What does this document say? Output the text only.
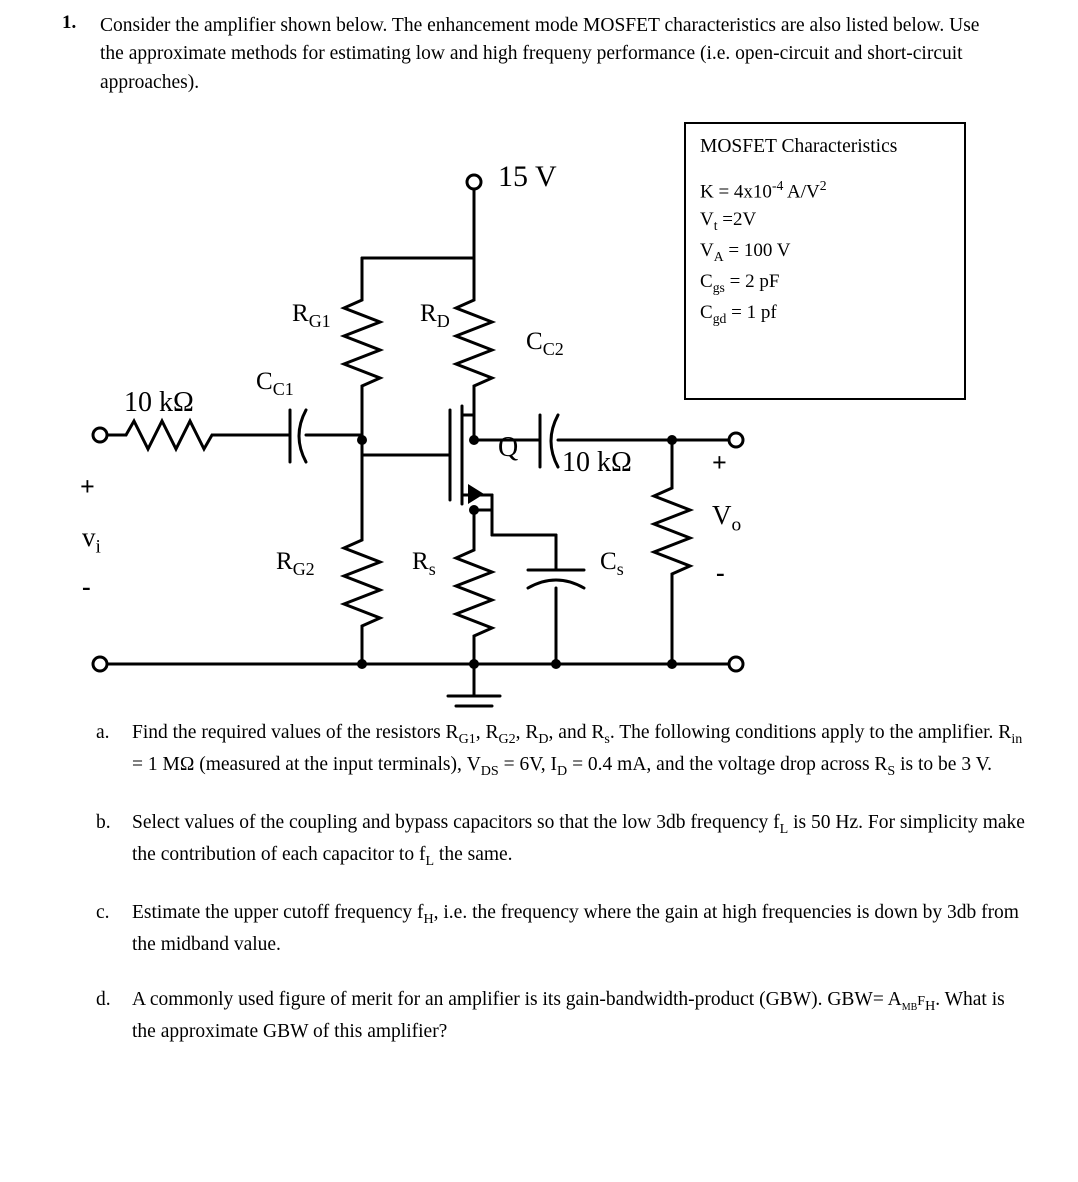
1. Consider the amplifier shown below. The enhancement mode MOSFET characteristics are also listed below. Use the approximate methods for estimating low and high frequeny performance (i.e. open-circuit and short-circuit approaches).
MOSFET Characteristics
$K = 4x10^{-4}$ $A/V^2$
$V_t =2V$
$V_A = 100$ V
$C_{gs} = 2$ pF
$C_{gd} = 1$ pf
15 V
$R_{G1}$	$R_D$
$C_{C2}$
$C_{C1}$
10 kΩ
Q 10 kΩ
$R_{G2}$	$R_s$	$C_s$
+
$v_i$
-
+
$V_o$
-
a. Find the required values of the resistors $R_{G1}$, $R_{G2}$, $R_D$, and $R_s$. The following conditions apply to the amplifier. $R_{in} = 1$ MΩ (measured at the input terminals), $V_{DS} = 6V$, $I_D = 0.4$ mA, and the voltage drop across $R_S$ is to be 3 V.
b. Select values of the coupling and bypass capacitors so that the low 3db frequency $f_L$ is 50 Hz. For simplicity make the contribution of each capacitor to $f_L$ the same.
c. Estimate the upper cutoff frequency $f_H$, i.e. the frequency where the gain at high frequencies is down by 3db from the midband value.
d. A commonly used figure of merit for an amplifier is its gain-bandwidth-product (GBW). $GBW= A_{mb}f_H$. What is the approximate GBW of this amplifier?
